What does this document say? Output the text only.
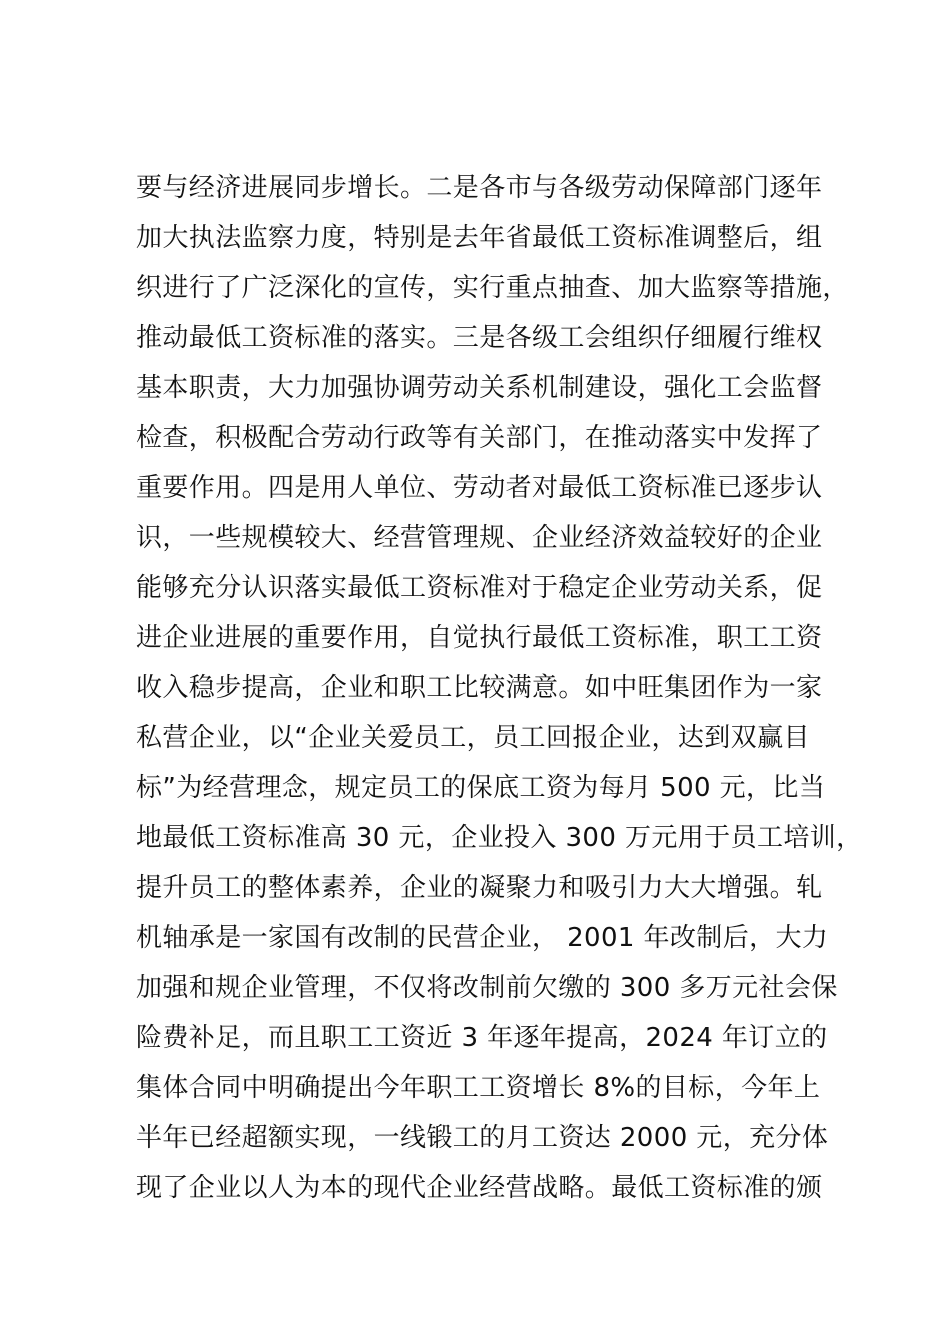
要与经济进展同步增长。二是各市与各级劳动保障部门逐年
加大执法监察力度，特别是去年省最低工资标准调整后，组
织进行了广泛深化的宣传，实行重点抽查、加大监察等措施，
推动最低工资标准的落实。三是各级工会组织仔细履行维权
基本职责，大力加强协调劳动关系机制建设，强化工会监督
检查，积极配合劳动行政等有关部门，在推动落实中发挥了
重要作用。四是用人单位、劳动者对最低工资标准已逐步认
识，一些规模较大、经营管理规、企业经济效益较好的企业
能够充分认识落实最低工资标准对于稳定企业劳动关系，促
进企业进展的重要作用，自觉执行最低工资标准，职工工资
收入稳步提高，企业和职工比较满意。如中旺集团作为一家
私营企业，以“企业关爱员工，员工回报企业，达到双赢目
标”为经营理念，规定员工的保底工资为每月 500 元，比当
地最低工资标准高 30 元，企业投入 300 万元用于员工培训，
提升员工的整体素养，企业的凝聚力和吸引力大大增强。轧
机轴承是一家国有改制的民营企业， 2001 年改制后，大力
加强和规企业管理，不仅将改制前欠缴的 300 多万元社会保
险费补足，而且职工工资近 3 年逐年提高，2024 年订立的
集体合同中明确提出今年职工工资增长 8%的目标，今年上
半年已经超额实现，一线锻工的月工资达 2000 元，充分体
现了企业以人为本的现代企业经营战略。最低工资标准的颁
